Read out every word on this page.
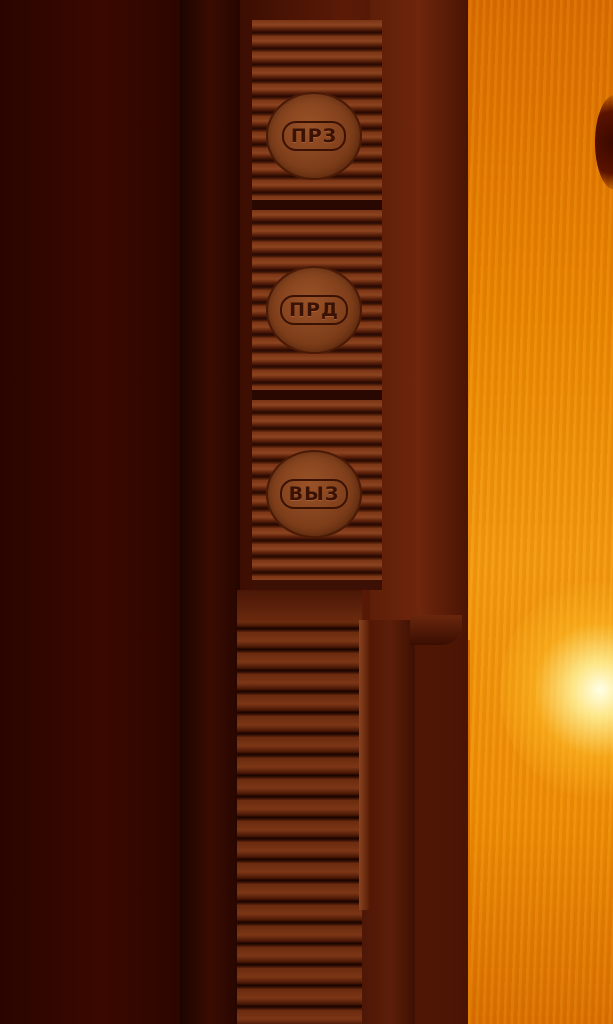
ПРЗ
ПРД
ВЫЗ
